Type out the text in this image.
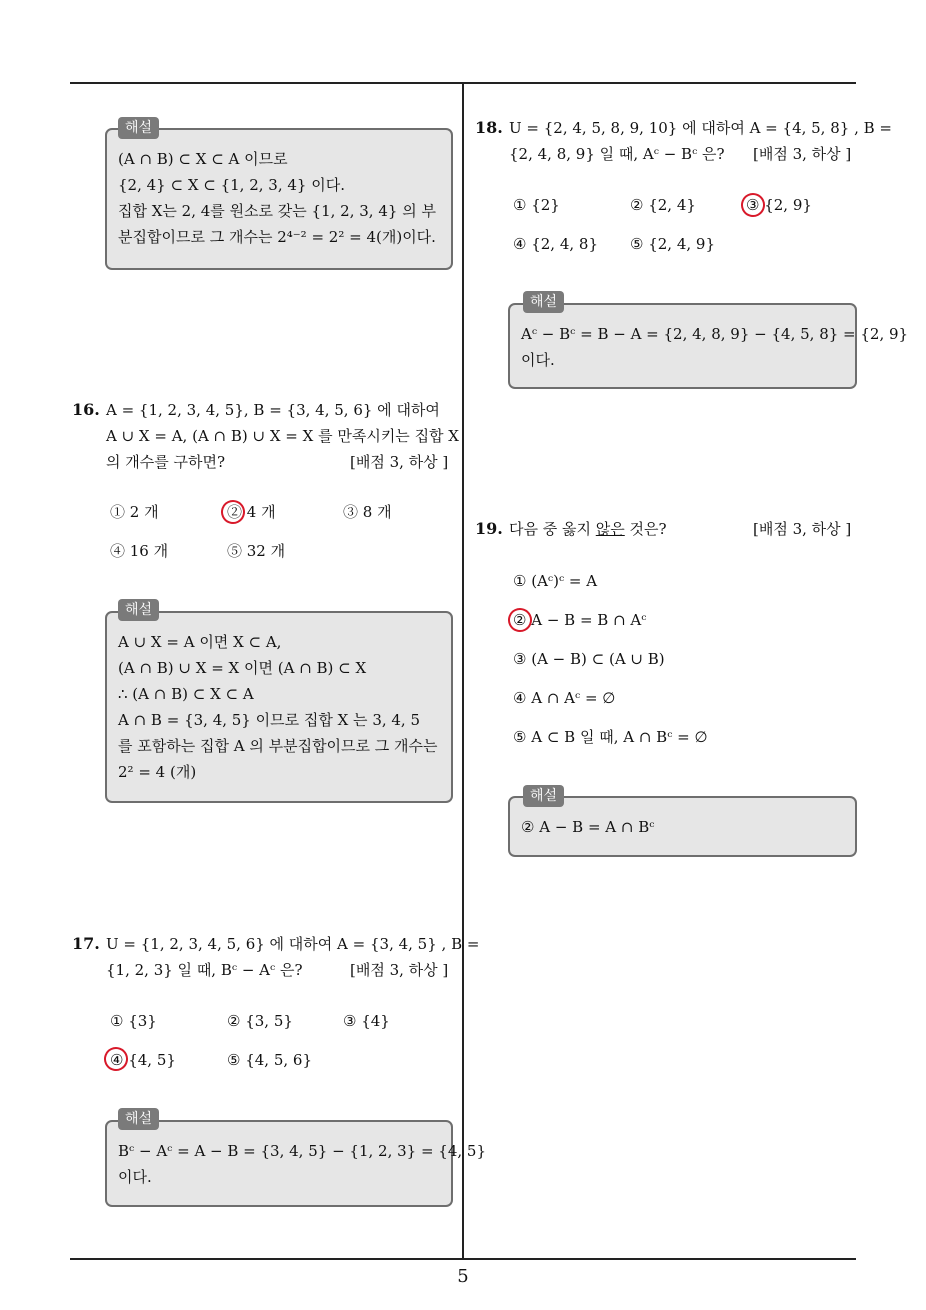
해설
(A ∩ B) ⊂ X ⊂ A 이므로
{2, 4} ⊂ X ⊂ {1, 2, 3, 4} 이다.
집합 X는 2, 4를 원소로 갖는 {1, 2, 3, 4} 의 부
분집합이므로 그 개수는 2⁴⁻² = 2² = 4(개)이다.
16. A = {1, 2, 3, 4, 5}, B = {3, 4, 5, 6} 에 대하여
A ∪ X = A, (A ∩ B) ∪ X = X 를 만족시키는 집합 X
의 개수를 구하면?	[배점 3, 하상 ]
① 2 개	② 4 개	③ 8 개
④ 16 개	⑤ 32 개
해설
A ∪ X = A 이면 X ⊂ A,
(A ∩ B) ∪ X = X 이면 (A ∩ B) ⊂ X
∴ (A ∩ B) ⊂ X ⊂ A
A ∩ B = {3, 4, 5} 이므로 집합 X 는 3, 4, 5
를 포함하는 집합 A 의 부분집합이므로 그 개수는
2² = 4 (개)
17. U = {1, 2, 3, 4, 5, 6} 에 대하여 A = {3, 4, 5} , B =
{1, 2, 3} 일 때, Bᶜ − Aᶜ 은?	[배점 3, 하상 ]
① {3}	② {3, 5}	③ {4}
④ {4, 5}	⑤ {4, 5, 6}
해설
Bᶜ − Aᶜ = A − B = {3, 4, 5} − {1, 2, 3} = {4, 5}
이다.
18. U = {2, 4, 5, 8, 9, 10} 에 대하여 A = {4, 5, 8} , B =
{2, 4, 8, 9} 일 때, Aᶜ − Bᶜ 은? [배점 3, 하상 ]
① {2}	② {2, 4}	③ {2, 9}
④ {2, 4, 8} ⑤ {2, 4, 9}
해설
Aᶜ − Bᶜ = B − A = {2, 4, 8, 9} − {4, 5, 8} = {2, 9}
이다.
19. 다음 중 옳지 않은 것은?	[배점 3, 하상 ]
① (Aᶜ)ᶜ = A
② A − B = B ∩ Aᶜ
③ (A − B) ⊂ (A ∪ B)
④ A ∩ Aᶜ = ∅
⑤ A ⊂ B 일 때, A ∩ Bᶜ = ∅
해설
② A − B = A ∩ Bᶜ
5
